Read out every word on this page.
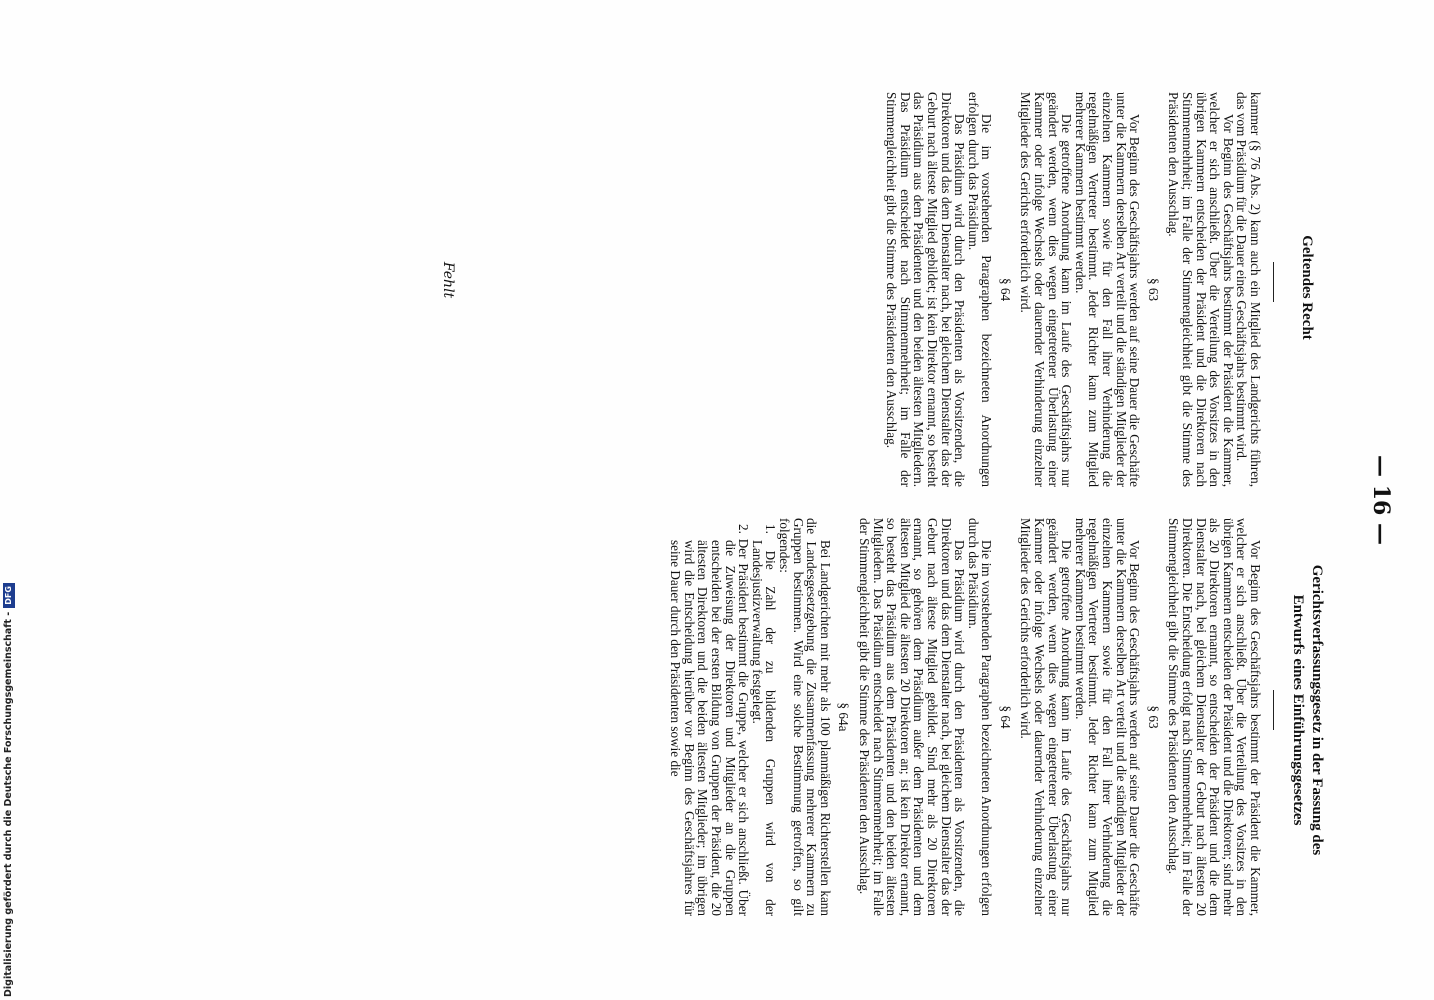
— 16 —
Geltendes Recht

kammer (§ 76 Abs. 2) kann auch ein Mitglied des Landgerichts führen, das vom Präsidium für die Dauer eines Geschäftsjahrs bestimmt wird.

Vor Beginn des Geschäftsjahrs bestimmt der Präsident die Kammer, welcher er sich anschließt. Über die Verteilung des Vorsitzes in den übrigen Kammern entscheiden der Präsident und die Direktoren nach Stimmenmehrheit; im Falle der Stimmengleichheit gibt die Stimme des Präsidenten den Ausschlag.

§ 63

Vor Beginn des Geschäftsjahrs werden auf seine Dauer die Geschäfte unter die Kammern derselben Art verteilt und die ständigen Mitglieder der einzelnen Kammern sowie für den Fall ihrer Verhinderung die regelmäßigen Vertreter bestimmt. Jeder Richter kann zum Mitglied mehrerer Kammern bestimmt werden.

Die getroffene Anordnung kann im Laufe des Geschäftsjahrs nur geändert werden, wenn dies wegen eingetretener Überlastung einer Kammer oder infolge Wechsels oder dauernder Verhinderung einzelner Mitglieder des Gerichts erforderlich wird.

§ 64

Die im vorstehenden Paragraphen bezeichneten Anordnungen erfolgen durch das Präsidium.

Das Präsidium wird durch den Präsidenten als Vorsitzenden, die Direktoren und das dem Dienstalter nach, bei gleichem Dienstalter das der Geburt nach älteste Mitglied gebildet; ist kein Direktor ernannt, so besteht das Präsidium aus dem Präsidenten und den beiden ältesten Mitgliedern. Das Präsidium entscheidet nach Stimmenmehrheit; im Falle der Stimmengleichheit gibt die Stimme des Präsidenten den Ausschlag.

Fehlt
Gerichtsverfassungsgesetz in der Fassung des
Entwurfs eines Einführungsgesetzes

Vor Beginn des Geschäftsjahrs bestimmt der Präsident die Kammer, welcher er sich anschließt. Über die Verteilung des Vorsitzes in den übrigen Kammern entscheiden der Präsident und die Direktoren; sind mehr als 20 Direktoren ernannt, so entscheiden der Präsident und die dem Dienstalter nach, bei gleichem Dienstalter der Geburt nach ältesten 20 Direktoren. Die Entscheidung erfolgt nach Stimmenmehrheit; im Falle der Stimmengleichheit gibt die Stimme des Präsidenten den Ausschlag.

§ 63

Vor Beginn des Geschäftsjahrs werden auf seine Dauer die Geschäfte unter die Kammern derselben Art verteilt und die ständigen Mitglieder der einzelnen Kammern sowie für den Fall ihrer Verhinderung die regelmäßigen Vertreter bestimmt. Jeder Richter kann zum Mitglied mehrerer Kammern bestimmt werden.

Die getroffene Anordnung kann im Laufe des Geschäftsjahrs nur geändert werden, wenn dies wegen eingetretener Überlastung einer Kammer oder infolge Wechsels oder dauernder Verhinderung einzelner Mitglieder des Gerichts erforderlich wird.

§ 64

Die im vorstehenden Paragraphen bezeichneten Anordnungen erfolgen durch das Präsidium.

Das Präsidium wird durch den Präsidenten als Vorsitzenden, die Direktoren und das dem Dienstalter nach, bei gleichem Dienstalter das der Geburt nach älteste Mitglied gebildet. Sind mehr als 20 Direktoren ernannt, so gehören dem Präsidium außer dem Präsidenten und dem ältesten Mitglied die ältesten 20 Direktoren an; ist kein Direktor ernannt, so besteht das Präsidium aus dem Präsidenten und den beiden ältesten Mitgliedern. Das Präsidium entscheidet nach Stimmenmehrheit; im Falle der Stimmengleichheit gibt die Stimme des Präsidenten den Ausschlag.

§ 64a

Bei Landgerichten mit mehr als 100 planmäßigen Richterstellen kann die Landesgesetzgebung die Zusammenfassung mehrerer Kammern zu Gruppen bestimmen. Wird eine solche Bestimmung getroffen, so gilt folgendes:

1. Die Zahl der zu bildenden Gruppen wird von der Landesjustizverwaltung festgelegt.

2. Der Präsident bestimmt die Gruppe, welcher er sich anschließt. Über die Zuweisung der Direktoren und Mitglieder an die Gruppen entscheiden bei der ersten Bildung von Gruppen der Präsident, die 20 ältesten Direktoren und die beiden ältesten Mitglieder; im übrigen wird die Entscheidung hierüber vor Beginn des Geschäftsjahres für seine Dauer durch den Präsidenten sowie die

Digitalisierung gefördert durch die Deutsche Forschungsgemeinschaft -DFG
